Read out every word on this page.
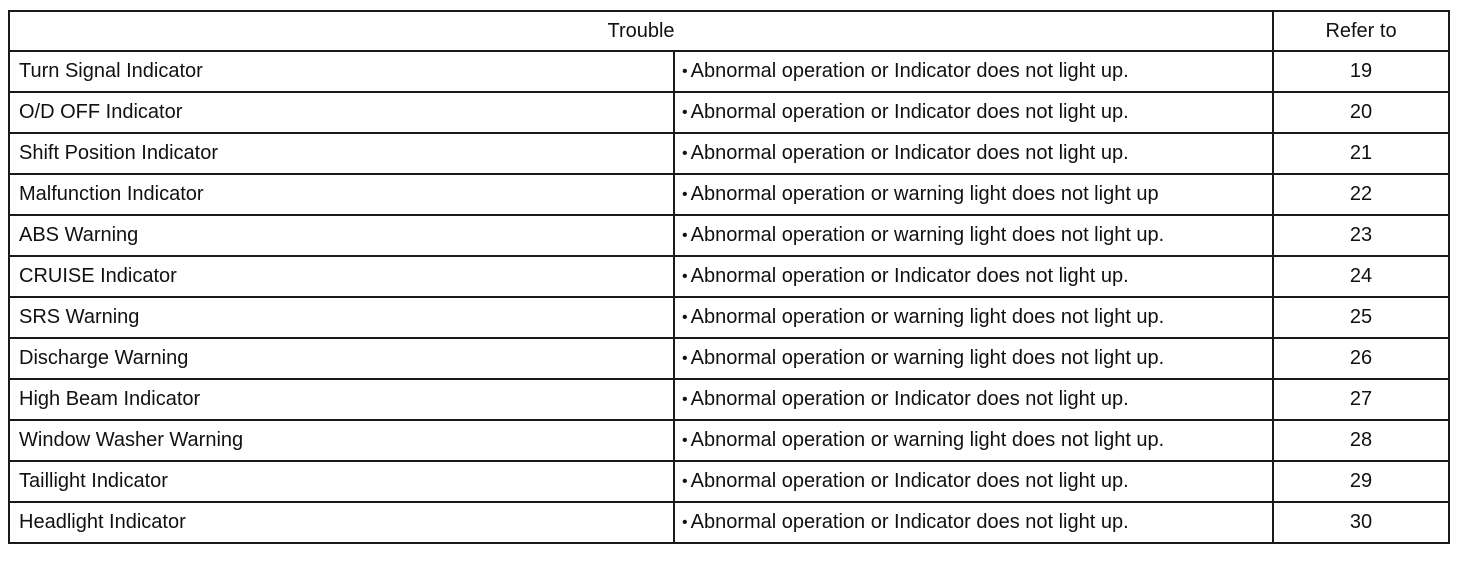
Trouble		Refer to
Turn Signal Indicator	• Abnormal operation or Indicator does not light up.	19
O/D OFF Indicator	• Abnormal operation or Indicator does not light up.	20
Shift Position Indicator	• Abnormal operation or Indicator does not light up.	21
Malfunction Indicator	• Abnormal operation or warning light does not light up	22
ABS Warning	• Abnormal operation or warning light does not light up.	23
CRUISE Indicator	• Abnormal operation or Indicator does not light up.	24
SRS Warning	• Abnormal operation or warning light does not light up.	25
Discharge Warning	• Abnormal operation or warning light does not light up.	26
High Beam Indicator	• Abnormal operation or Indicator does not light up.	27
Window Washer Warning	• Abnormal operation or warning light does not light up.	28
Taillight Indicator	• Abnormal operation or Indicator does not light up.	29
Headlight Indicator	• Abnormal operation or Indicator does not light up.	30
